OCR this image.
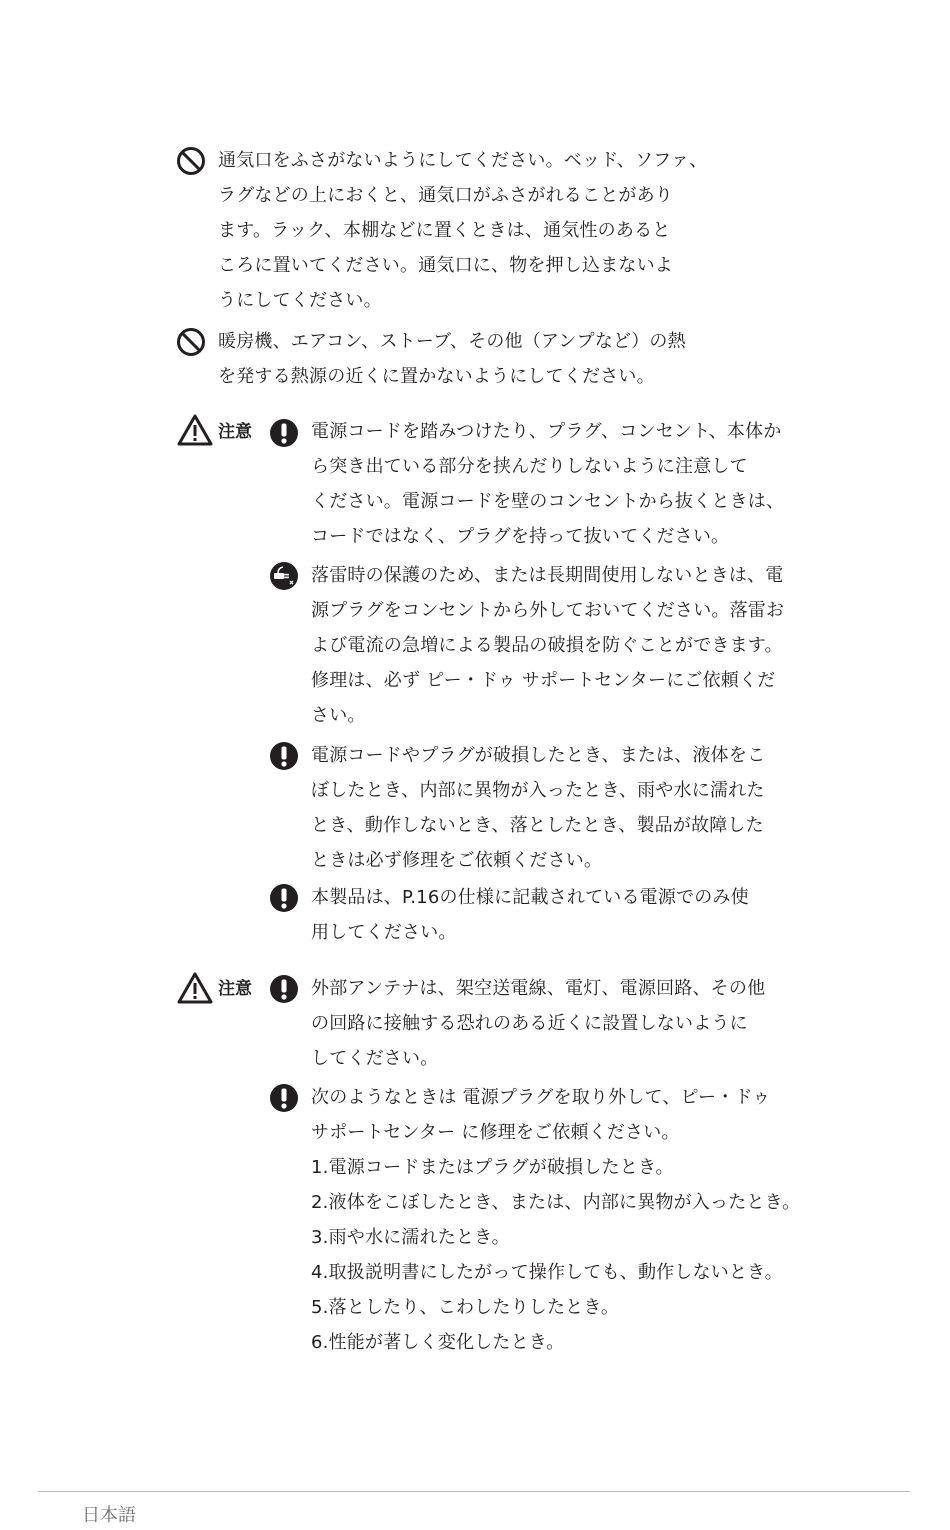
通気口をふさがないようにしてください。ベッド、ソファ、
ラグなどの上におくと、通気口がふさがれることがあり
ます。ラック、本棚などに置くときは、通気性のあると
ころに置いてください。通気口に、物を押し込まないよ
うにしてください。
暖房機、エアコン、ストーブ、その他（アンプなど）の熱
を発する熱源の近くに置かないようにしてください。
注意	電源コードを踏みつけたり、プラグ、コンセント、本体か
ら突き出ている部分を挟んだりしないように注意して
ください。電源コードを壁のコンセントから抜くときは、
コードではなく、プラグを持って抜いてください。
落雷時の保護のため、または長期間使用しないときは、電
源プラグをコンセントから外しておいてください。落雷お
よび電流の急増による製品の破損を防ぐことができます。
修理は、必ず ピー・ドゥ サポートセンターにご依頼くだ
さい。
電源コードやプラグが破損したとき、または、液体をこ
ぼしたとき、内部に異物が入ったとき、雨や水に濡れた
とき、動作しないとき、落としたとき、製品が故障した
ときは必ず修理をご依頼ください。
本製品は、P.16の仕様に記載されている電源でのみ使
用してください。
注意	外部アンテナは、架空送電線、電灯、電源回路、その他
の回路に接触する恐れのある近くに設置しないように
してください。
次のようなときは 電源プラグを取り外して、ピー・ドゥ
サポートセンター に修理をご依頼ください。
1.電源コードまたはプラグが破損したとき。
2.液体をこぼしたとき、または、内部に異物が入ったとき。
3.雨や水に濡れたとき。
4.取扱説明書にしたがって操作しても、動作しないとき。
5.落としたり、こわしたりしたとき。
6.性能が著しく変化したとき。
日本語
